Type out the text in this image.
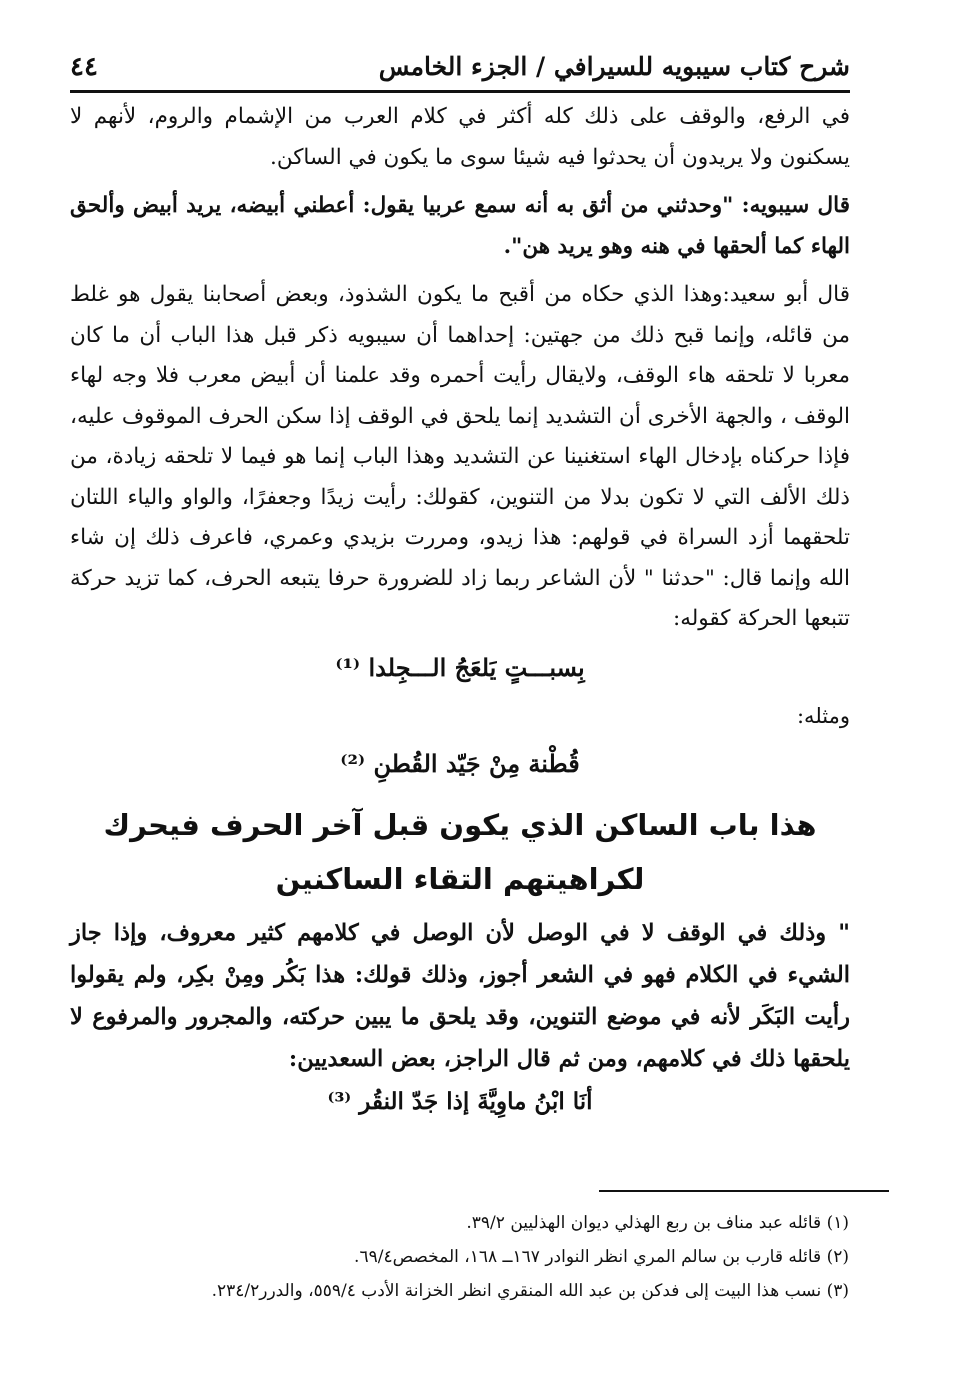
شرح كتاب سيبويه للسيرافي / الجزء الخامس
٤٤

في الرفع، والوقف على ذلك كله أكثر في كلام العرب من الإشمام والروم، لأنهم لا يسكنون ولا يريدون أن يحدثوا فيه شيئا سوى ما يكون في الساكن.

قال سيبويه: "وحدثني من أثق به أنه سمع عربيا يقول: أعطني أبيضه، يريد أبيض وألحق الهاء كما ألحقها في هنه وهو يريد هن".

قال أبو سعيد:وهذا الذي حكاه من أقبح ما يكون الشذوذ، وبعض أصحابنا يقول هو غلط من قائله، وإنما قبح ذلك من جهتين: إحداهما أن سيبويه ذكر قبل هذا الباب أن ما كان معربا لا تلحقه هاء الوقف، ولايقال رأيت أحمره وقد علمنا أن أبيض معرب فلا وجه لهاء الوقف ، والجهة الأخرى أن التشديد إنما يلحق في الوقف إذا سكن الحرف الموقوف عليه، فإذا حركناه بإدخال الهاء استغنينا عن التشديد وهذا الباب إنما هو فيما لا تلحقه زيادة، من ذلك الألف التي لا تكون بدلا من التنوين، كقولك: رأيت زيدًا وجعفرًا، والواو والياء اللتان تلحقهما أزد السراة في قولهم: هذا زيدو، ومررت بزيدي وعمري، فاعرف ذلك إن شاء الله وإنما قال: "حدثنا " لأن الشاعر ربما زاد للضرورة حرفا يتبعه الحرف، كما تزيد حركة تتبعها الحركة كقوله:

بِسبـــتٍ يَلعَجُ الـــجِلدا ⁽¹⁾

ومثله:

قُطْنة مِنْ جَيّد القُطنِ ⁽²⁾
هذا باب الساكن الذي يكون قبل آخر الحرف فيحرك لكراهيتهم التقاء الساكنين

" وذلك في الوقف لا في الوصل لأن الوصل في كلامهم كثير معروف، وإذا جاز الشيء في الكلام فهو في الشعر أجوز، وذلك قولك: هذا بَكُر ومِنْ بكِر، ولم يقولوا رأيت البَكَر لأنه في موضع التنوين، وقد يلحق ما يبين حركته، والمجرور والمرفوع لا يلحقها ذلك في كلامهم، ومن ثم قال الراجز، بعض السعديين:

أنَا ابْنُ ماوِيَّةَ إذا جَدّ النقُر ⁽³⁾

(١) قائله عبد مناف بن ربع الهذلي ديوان الهذليين ٣٩/٢.

(٢) قائله قارب بن سالم المري انظر النوادر ١٦٧ــ ١٦٨، المخصص٦٩/٤.

(٣) نسب هذا البيت إلى فدكن بن عبد الله المنقري انظر الخزانة الأدب ٥٥٩/٤، والدرر٢٣٤/٢.
